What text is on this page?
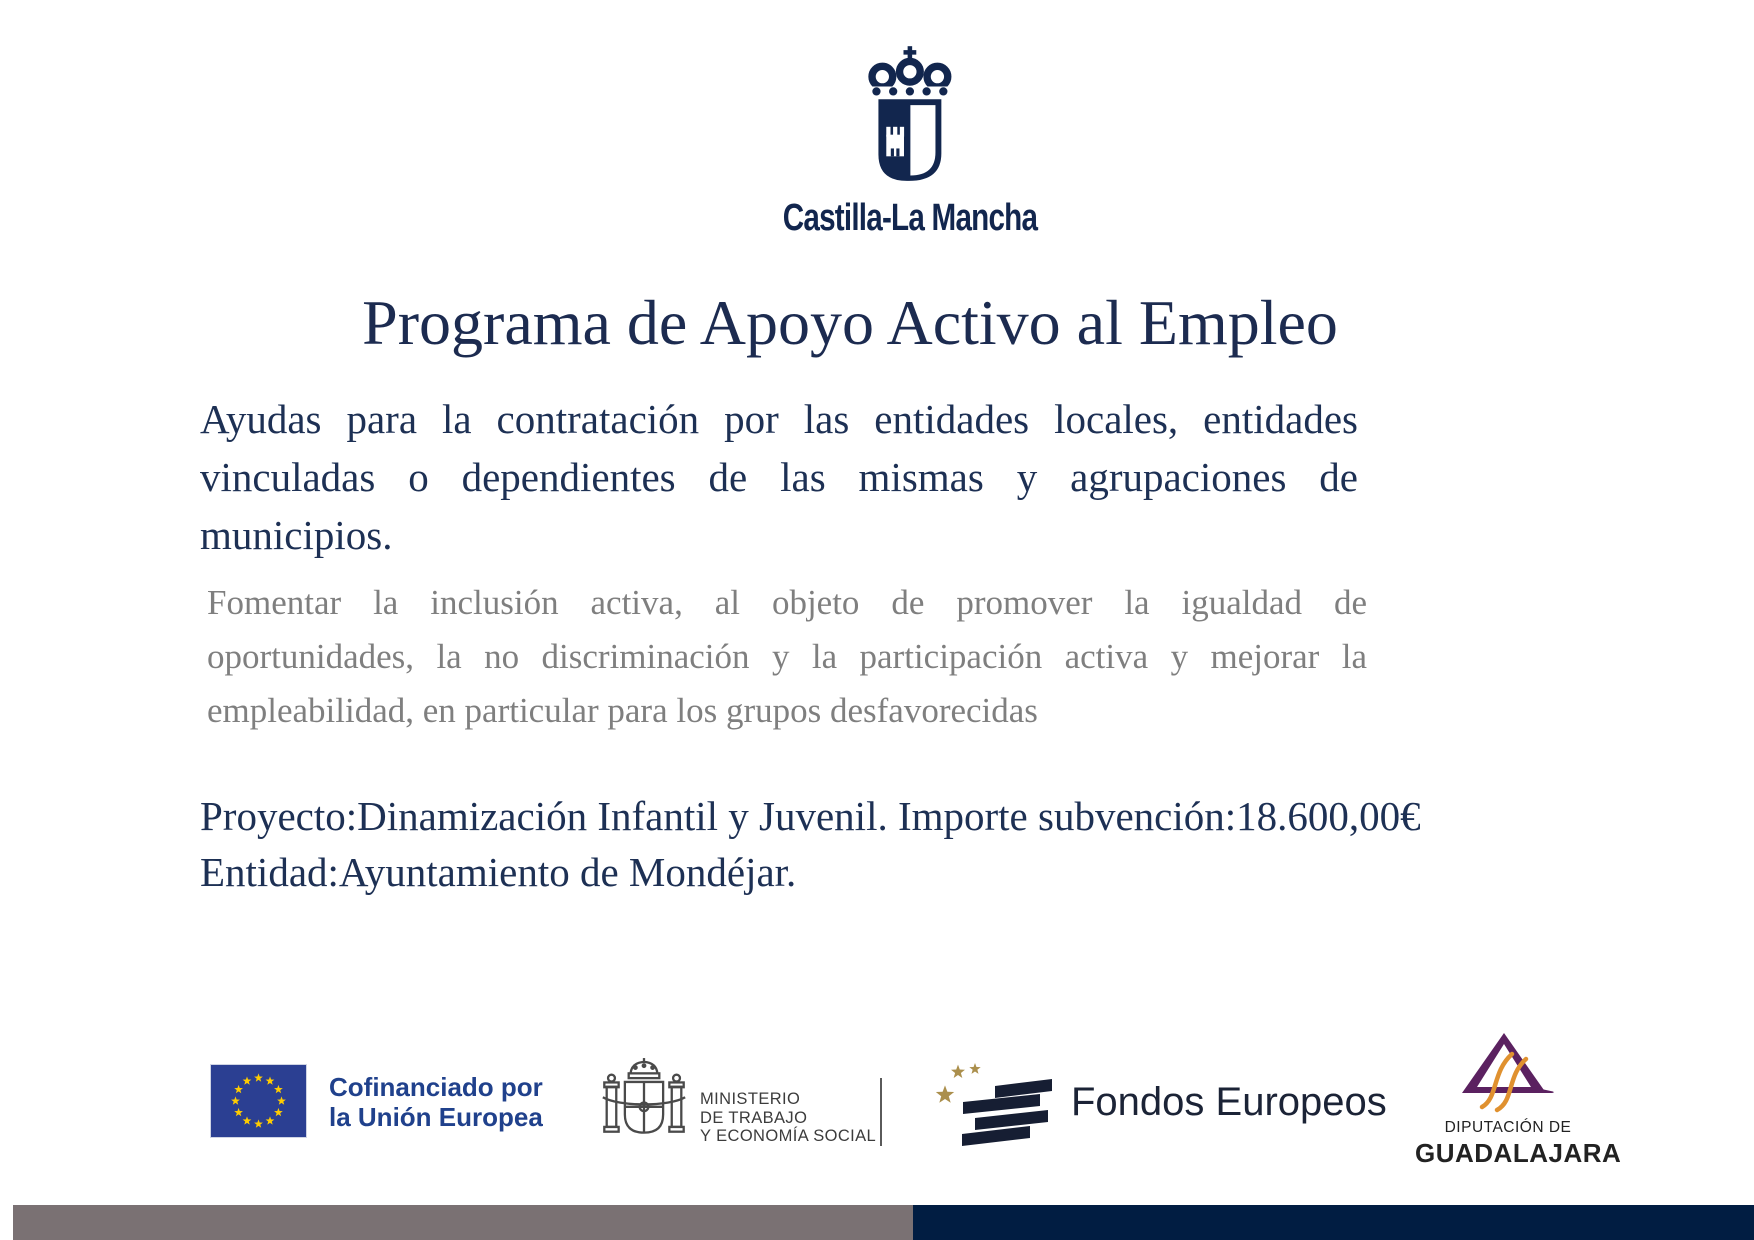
Castilla-La Mancha
Programa de Apoyo Activo al Empleo
Ayudas para la contratación por las entidades locales, entidades
vinculadas o dependientes de las mismas y agrupaciones de
municipios.
Fomentar la inclusión activa, al objeto de promover la igualdad de
oportunidades, la no discriminación y la participación activa y mejorar la
empleabilidad, en particular para los grupos desfavorecidas
Proyecto:Dinamización Infantil y Juvenil. Importe subvención:18.600,00€
Entidad:Ayuntamiento de Mondéjar.
Cofinanciado por
la Unión Europea
MINISTERIO
DE TRABAJO
Y ECONOMÍA SOCIAL
Fondos Europeos
DIPUTACIÓN DE
GUADALAJARA
